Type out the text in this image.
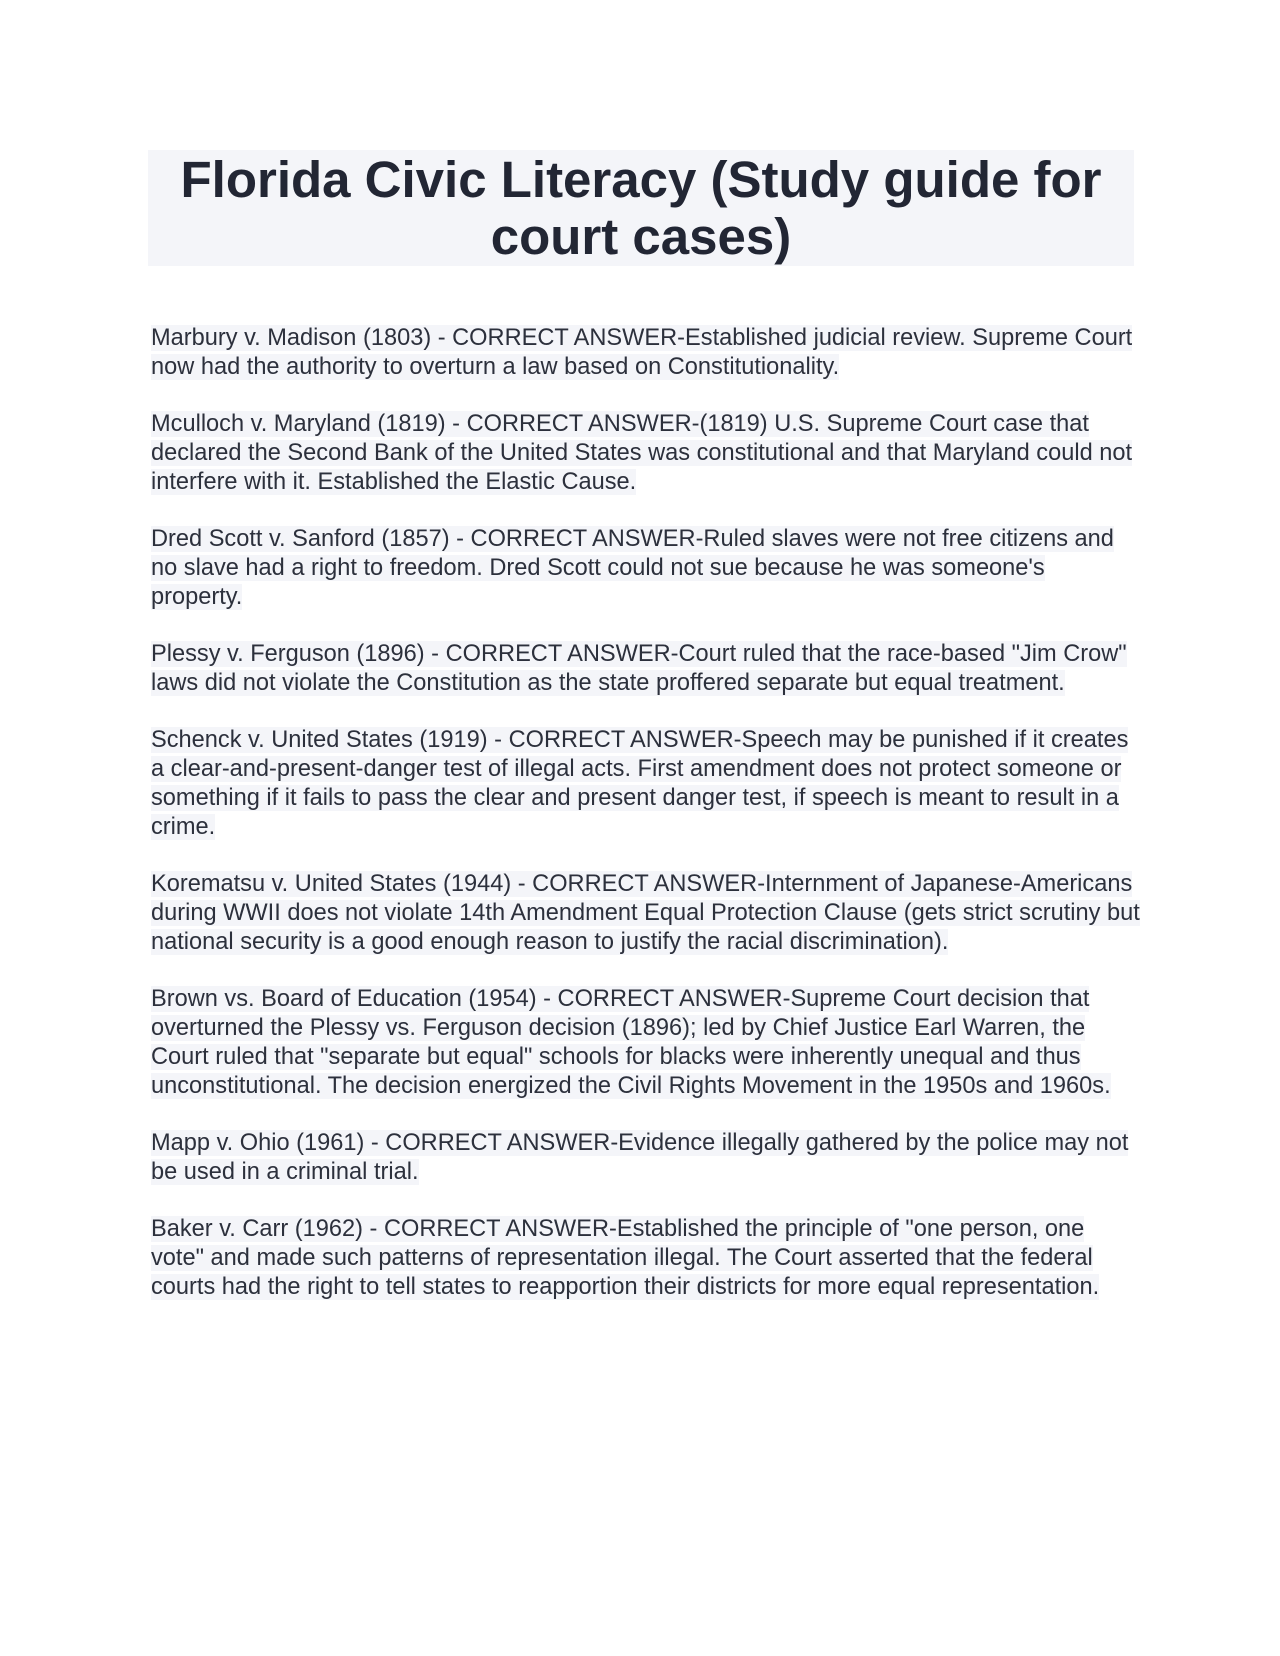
Florida Civic Literacy (Study guide for court cases)

Marbury v. Madison (1803) - CORRECT ANSWER-Established judicial review. Supreme Court now had the authority to overturn a law based on Constitutionality.

Mculloch v. Maryland (1819) - CORRECT ANSWER-(1819) U.S. Supreme Court case that declared the Second Bank of the United States was constitutional and that Maryland could not interfere with it. Established the Elastic Cause.

Dred Scott v. Sanford (1857) - CORRECT ANSWER-Ruled slaves were not free citizens and no slave had a right to freedom. Dred Scott could not sue because he was someone's property.

Plessy v. Ferguson (1896) - CORRECT ANSWER-Court ruled that the race-based "Jim Crow" laws did not violate the Constitution as the state proffered separate but equal treatment.

Schenck v. United States (1919) - CORRECT ANSWER-Speech may be punished if it creates a clear-and-present-danger test of illegal acts. First amendment does not protect someone or something if it fails to pass the clear and present danger test, if speech is meant to result in a crime.

Korematsu v. United States (1944) - CORRECT ANSWER-Internment of Japanese-Americans during WWII does not violate 14th Amendment Equal Protection Clause (gets strict scrutiny but national security is a good enough reason to justify the racial discrimination).

Brown vs. Board of Education (1954) - CORRECT ANSWER-Supreme Court decision that overturned the Plessy vs. Ferguson decision (1896); led by Chief Justice Earl Warren, the Court ruled that "separate but equal" schools for blacks were inherently unequal and thus unconstitutional. The decision energized the Civil Rights Movement in the 1950s and 1960s.

Mapp v. Ohio (1961) - CORRECT ANSWER-Evidence illegally gathered by the police may not be used in a criminal trial.

Baker v. Carr (1962) - CORRECT ANSWER-Established the principle of "one person, one vote" and made such patterns of representation illegal. The Court asserted that the federal courts had the right to tell states to reapportion their districts for more equal representation.
